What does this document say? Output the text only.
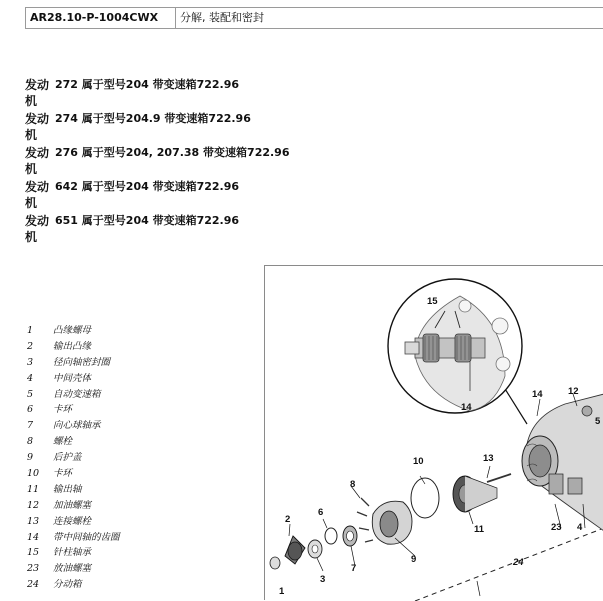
AR28.10-P-1004CWX	分解, 装配和密封
发动机
272 属于型号204 带变速箱722.96
发动机
274 属于型号204.9 带变速箱722.96
发动机
276 属于型号204, 207.38 带变速箱722.96
发动机
642 属于型号204 带变速箱722.96
发动机
651 属于型号204 带变速箱722.96
1	凸缘螺母
2	输出凸缘
3	径向轴密封圈
4	中间壳体
5	自动变速箱
6	卡环
7	向心球轴承
8	螺栓
9	后护盖
10	卡环
11	输出轴
12	加油螺塞
13	连接螺栓
14	带中间轴的齿圈
15	针柱轴承
23	放油螺塞
24	分动箱
15
14
14	12
10	13
8
6
2
9
7
3
11	23 4
5
1
24
